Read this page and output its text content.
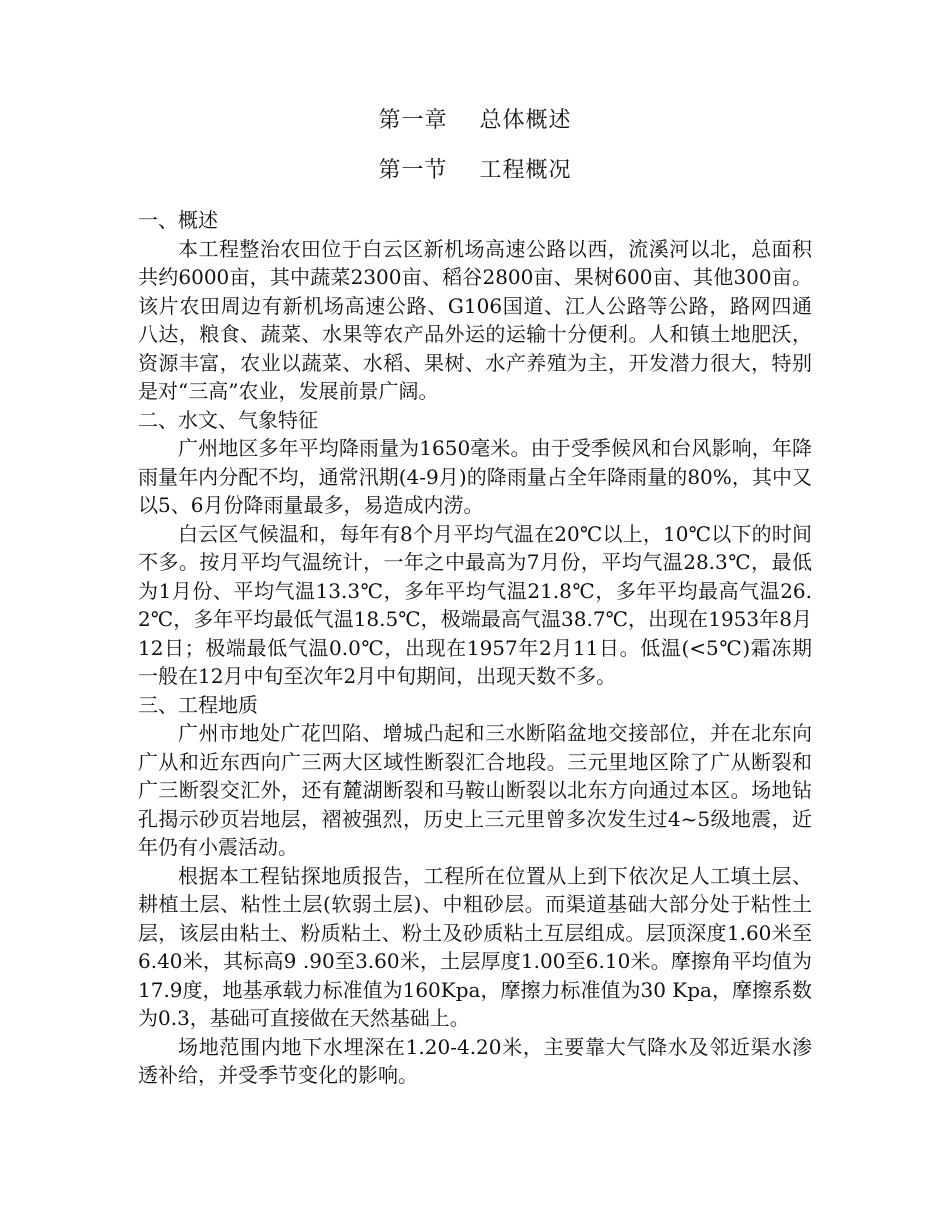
第一章    总体概述
第一节    工程概况
一、概述

本工程整治农田位于白云区新机场高速公路以西，流溪河以北，总面积共约6000亩，其中蔬菜2300亩、稻谷2800亩、果树600亩、其他300亩。该片农田周边有新机场高速公路、G106国道、江人公路等公路，路网四通八达，粮食、蔬菜、水果等农产品外运的运输十分便利。人和镇土地肥沃，资源丰富，农业以蔬菜、水稻、果树、水产养殖为主，开发潜力很大，特别是对“三高”农业，发展前景广阔。

二、水文、气象特征

广州地区多年平均降雨量为1650毫米。由于受季候风和台风影响，年降雨量年内分配不均，通常汛期(4-9月)的降雨量占全年降雨量的80%，其中又以5、6月份降雨量最多，易造成内涝。

白云区气候温和，每年有8个月平均气温在20℃以上，10℃以下的时间不多。按月平均气温统计，一年之中最高为7月份，平均气温28.3℃，最低为1月份、平均气温13.3℃，多年平均气温21.8℃，多年平均最高气温26.2℃，多年平均最低气温18.5℃，极端最高气温38.7℃，出现在1953年8月12日；极端最低气温0.0℃，出现在1957年2月11日。低温(<5℃)霜冻期一般在12月中旬至次年2月中旬期间，出现天数不多。

三、工程地质

广州市地处广花凹陷、增城凸起和三水断陷盆地交接部位，并在北东向广从和近东西向广三两大区域性断裂汇合地段。三元里地区除了广从断裂和广三断裂交汇外，还有麓湖断裂和马鞍山断裂以北东方向通过本区。场地钻孔揭示砂页岩地层，褶被强烈，历史上三元里曾多次发生过4~5级地震，近年仍有小震活动。

根据本工程钻探地质报告，工程所在位置从上到下依次足人工填土层、耕植土层、粘性土层(软弱土层)、中粗砂层。而渠道基础大部分处于粘性土层，该层由粘土、粉质粘土、粉土及砂质粘土互层组成。层顶深度1.60米至6.40米，其标高9 .90至3.60米，土层厚度1.00至6.10米。摩擦角平均值为17.9度，地基承载力标准值为160Kpa，摩擦力标准值为30 Kpa，摩擦系数为0.3，基础可直接做在天然基础上。

场地范围内地下水埋深在1.20-4.20米，主要靠大气降水及邻近渠水渗透补给，并受季节变化的影响。
